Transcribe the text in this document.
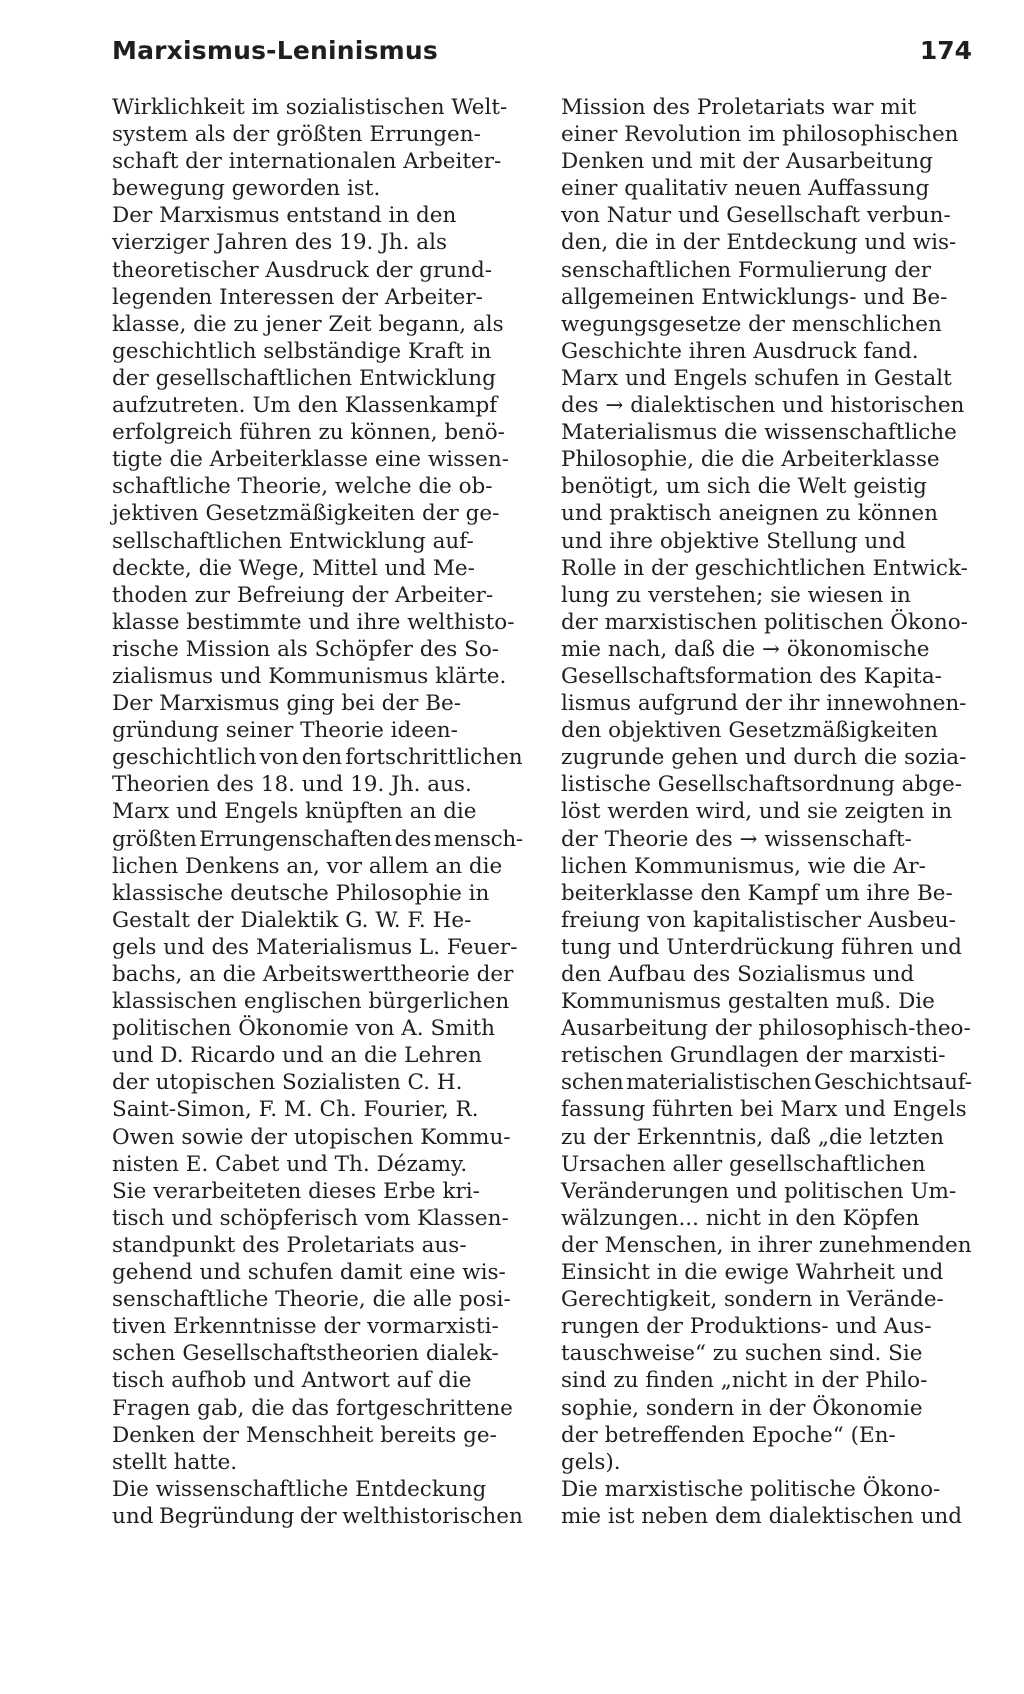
Marxismus-Leninismus	174
Wirklichkeit im sozialistischen Welt-
system als der größten Errungen-
schaft der internationalen Arbeiter-
bewegung geworden ist.
Der Marxismus entstand in den
vierziger Jahren des 19. Jh. als
theoretischer Ausdruck der grund-
legenden Interessen der Arbeiter-
klasse, die zu jener Zeit begann, als
geschichtlich selbständige Kraft in
der gesellschaftlichen Entwicklung
aufzutreten. Um den Klassenkampf
erfolgreich führen zu können, benö-
tigte die Arbeiterklasse eine wissen-
schaftliche Theorie, welche die ob-
jektiven Gesetzmäßigkeiten der ge-
sellschaftlichen Entwicklung auf-
deckte, die Wege, Mittel und Me-
thoden zur Befreiung der Arbeiter-
klasse bestimmte und ihre welthisto-
rische Mission als Schöpfer des So-
zialismus und Kommunismus klärte.
Der Marxismus ging bei der Be-
gründung seiner Theorie ideen-
geschichtlich von den fortschrittlichen
Theorien des 18. und 19. Jh. aus.
Marx und Engels knüpften an die
größten Errungenschaften des mensch-
lichen Denkens an, vor allem an die
klassische deutsche Philosophie in
Gestalt der Dialektik G. W. F. He-
gels und des Materialismus L. Feuer-
bachs, an die Arbeitswerttheorie der
klassischen englischen bürgerlichen
politischen Ökonomie von A. Smith
und D. Ricardo und an die Lehren
der utopischen Sozialisten C. H.
Saint-Simon, F. M. Ch. Fourier, R.
Owen sowie der utopischen Kommu-
nisten E. Cabet und Th. Dézamy.
Sie verarbeiteten dieses Erbe kri-
tisch und schöpferisch vom Klassen-
standpunkt des Proletariats aus-
gehend und schufen damit eine wis-
senschaftliche Theorie, die alle posi-
tiven Erkenntnisse der vormarxisti-
schen Gesellschaftstheorien dialek-
tisch aufhob und Antwort auf die
Fragen gab, die das fortgeschrittene
Denken der Menschheit bereits ge-
stellt hatte.
Die wissenschaftliche Entdeckung
und Begründung der welthistorischen
Mission des Proletariats war mit
einer Revolution im philosophischen
Denken und mit der Ausarbeitung
einer qualitativ neuen Auffassung
von Natur und Gesellschaft verbun-
den, die in der Entdeckung und wis-
senschaftlichen Formulierung der
allgemeinen Entwicklungs- und Be-
wegungsgesetze der menschlichen
Geschichte ihren Ausdruck fand.
Marx und Engels schufen in Gestalt
des → dialektischen und historischen
Materialismus die wissenschaftliche
Philosophie, die die Arbeiterklasse
benötigt, um sich die Welt geistig
und praktisch aneignen zu können
und ihre objektive Stellung und
Rolle in der geschichtlichen Entwick-
lung zu verstehen; sie wiesen in
der marxistischen politischen Ökono-
mie nach, daß die → ökonomische
Gesellschaftsformation des Kapita-
lismus aufgrund der ihr innewohnen-
den objektiven Gesetzmäßigkeiten
zugrunde gehen und durch die sozia-
listische Gesellschaftsordnung abge-
löst werden wird, und sie zeigten in
der Theorie des → wissenschaft-
lichen Kommunismus, wie die Ar-
beiterklasse den Kampf um ihre Be-
freiung von kapitalistischer Ausbeu-
tung und Unterdrückung führen und
den Aufbau des Sozialismus und
Kommunismus gestalten muß. Die
Ausarbeitung der philosophisch-theo-
retischen Grundlagen der marxisti-
schen materialistischen Geschichtsauf-
fassung führten bei Marx und Engels
zu der Erkenntnis, daß „die letzten
Ursachen aller gesellschaftlichen
Veränderungen und politischen Um-
wälzungen... nicht in den Köpfen
der Menschen, in ihrer zunehmenden
Einsicht in die ewige Wahrheit und
Gerechtigkeit, sondern in Verände-
rungen der Produktions- und Aus-
tauschweise“ zu suchen sind. Sie
sind zu finden „nicht in der Philo-
sophie, sondern in der Ökonomie
der betreffenden Epoche“ (En-
gels).
Die marxistische politische Ökono-
mie ist neben dem dialektischen und
